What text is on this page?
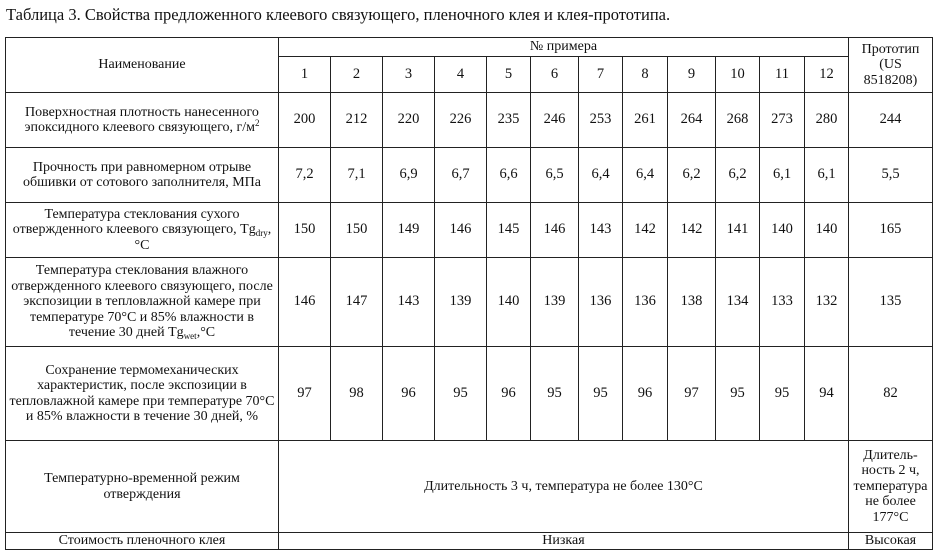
Таблица 3. Свойства предложенного клеевого связующего, пленочного клея и клея-прототипа.
Наименование	№ примера												Прототип (US 8518208)
	1	2	3	4	5	6	7	8	9	10	11	12	
Поверхностная плотность нанесенного эпоксидного клеевого связующего, $г/м^2$	200	212	220	226	235	246	253	261	264	268	273	280	244
Прочность при равномерном отрыве обшивки от сотового заполнителя, МПа	7,2	7,1	6,9	6,7	6,6	6,5	6,4	6,4	6,2	6,2	6,1	6,1	5,5
Температура стеклования сухого отвержденного клеевого связующего, $Tg_{dry},^\circ C$	150	150	149	146	145	146	143	142	142	141	140	140	165
Температура стеклования влажного отвержденного клеевого связующего, после экспозиции в тепловлажной камере при температуре 70°C и 85% влажности в течение 30 дней $Tg_{wet},^\circ C$	146	147	143	139	140	139	136	136	138	134	133	132	135
Сохранение термомеханических характеристик, после экспозиции в тепловлажной камере при температуре 70°C и 85% влажности в течение 30 дней, %	97	98	96	95	96	95	95	96	97	95	95	94	82
Температурно-временной режим отверждения	Длительность 3 ч, температура не более 130°C												Длитель-ность 2 ч, температура не более 177°C
Стоимость пленочного клея	Низкая												Высокая
